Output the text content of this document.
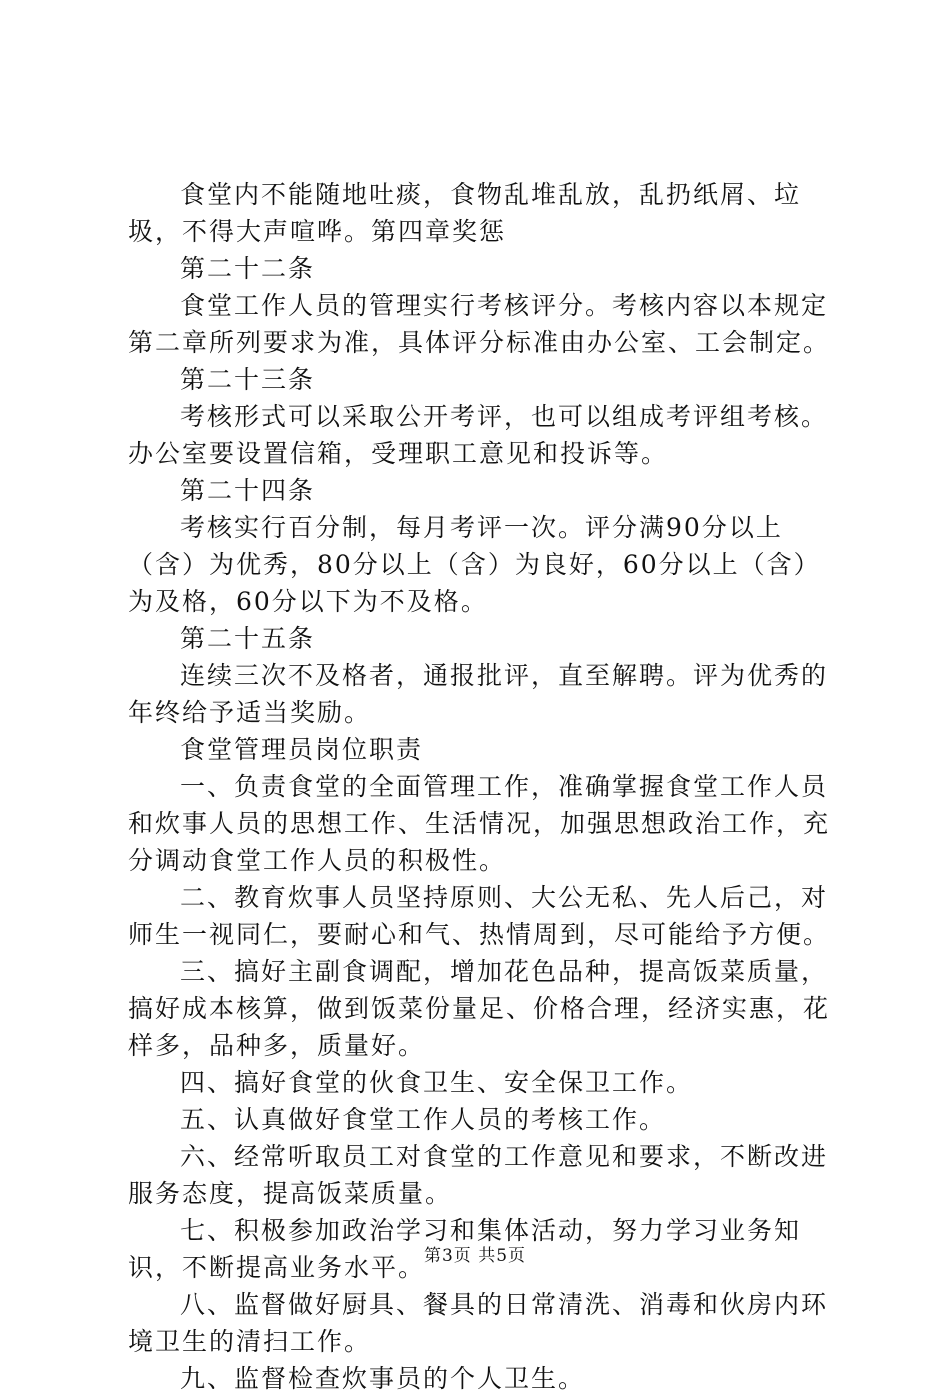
食堂内不能随地吐痰，食物乱堆乱放，乱扔纸屑、垃圾，不得大声喧哗。第四章奖惩

第二十二条

食堂工作人员的管理实行考核评分。考核内容以本规定第二章所列要求为准，具体评分标准由办公室、工会制定。

第二十三条

考核形式可以采取公开考评，也可以组成考评组考核。办公室要设置信箱，受理职工意见和投诉等。

第二十四条

考核实行百分制，每月考评一次。评分满90分以上（含）为优秀，80分以上（含）为良好，60分以上（含）为及格，60分以下为不及格。

第二十五条

连续三次不及格者，通报批评，直至解聘。评为优秀的年终给予适当奖励。

食堂管理员岗位职责

一、负责食堂的全面管理工作，准确掌握食堂工作人员和炊事人员的思想工作、生活情况，加强思想政治工作，充分调动食堂工作人员的积极性。

二、教育炊事人员坚持原则、大公无私、先人后己，对师生一视同仁，要耐心和气、热情周到，尽可能给予方便。

三、搞好主副食调配，增加花色品种，提高饭菜质量，搞好成本核算，做到饭菜份量足、价格合理，经济实惠，花样多，品种多，质量好。

四、搞好食堂的伙食卫生、安全保卫工作。

五、认真做好食堂工作人员的考核工作。

六、经常听取员工对食堂的工作意见和要求，不断改进服务态度，提高饭菜质量。

七、积极参加政治学习和集体活动，努力学习业务知识，不断提高业务水平。

八、监督做好厨具、餐具的日常清洗、消毒和伙房内环境卫生的清扫工作。

九、监督检查炊事员的个人卫生。

第3页 共5页
